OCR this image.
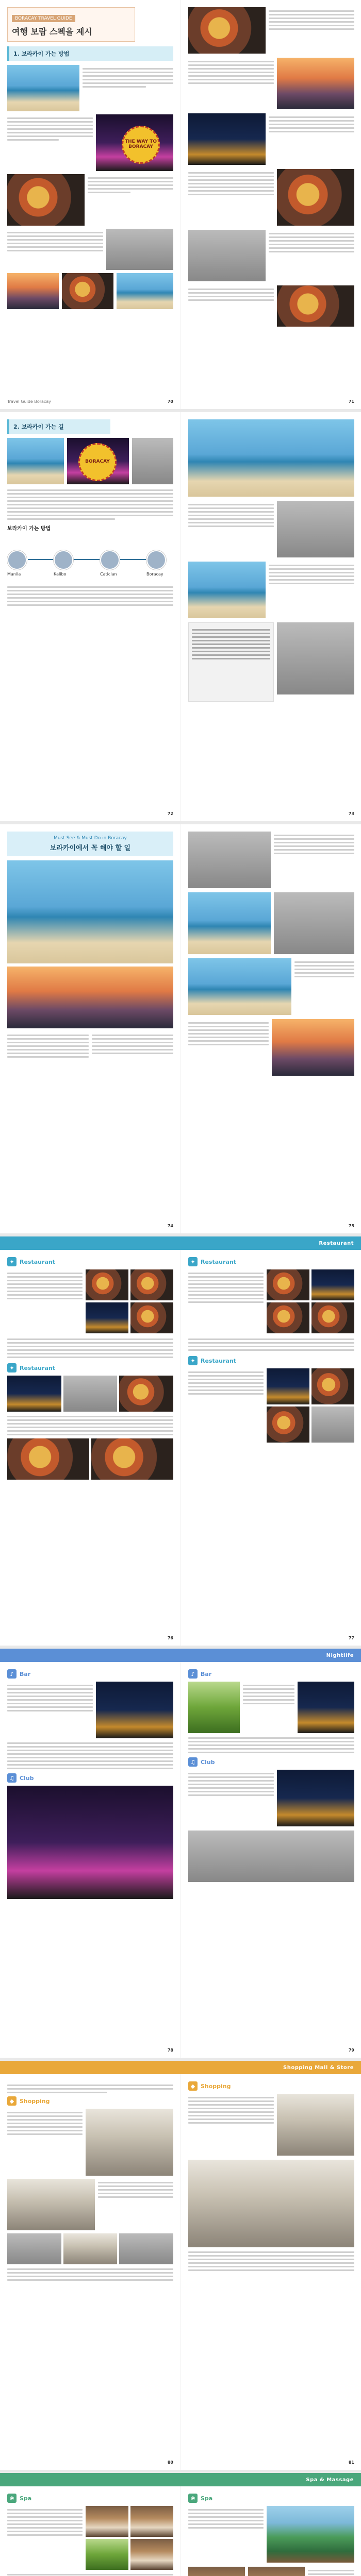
BORACAY TRAVEL GUIDE
여행 보람 스펙을 제시
1. 보라카이 가는 방법
THE WAY TO BORACAY
Travel Guide Boracay	70	71
2. 보라카이 가는 길
BORACAY
보라카이 가는 방법
Manila	Kalibo	Caticlan	Boracay
72	73
Must See & Must Do in Boracay
보라카이에서 꼭 해야 할 일
74	75
Restaurant
✦ Restaurant
✦ Restaurant
76
✦ Restaurant
✦ Restaurant
77
Nightlife
♪	Bar
♫ Club
78
♪	Bar
♫ Club
79
Shopping Mall & Store
◆ Shopping
80
◆ Shopping
81
Spa & Massage
❀ Spa	❀ Spa
